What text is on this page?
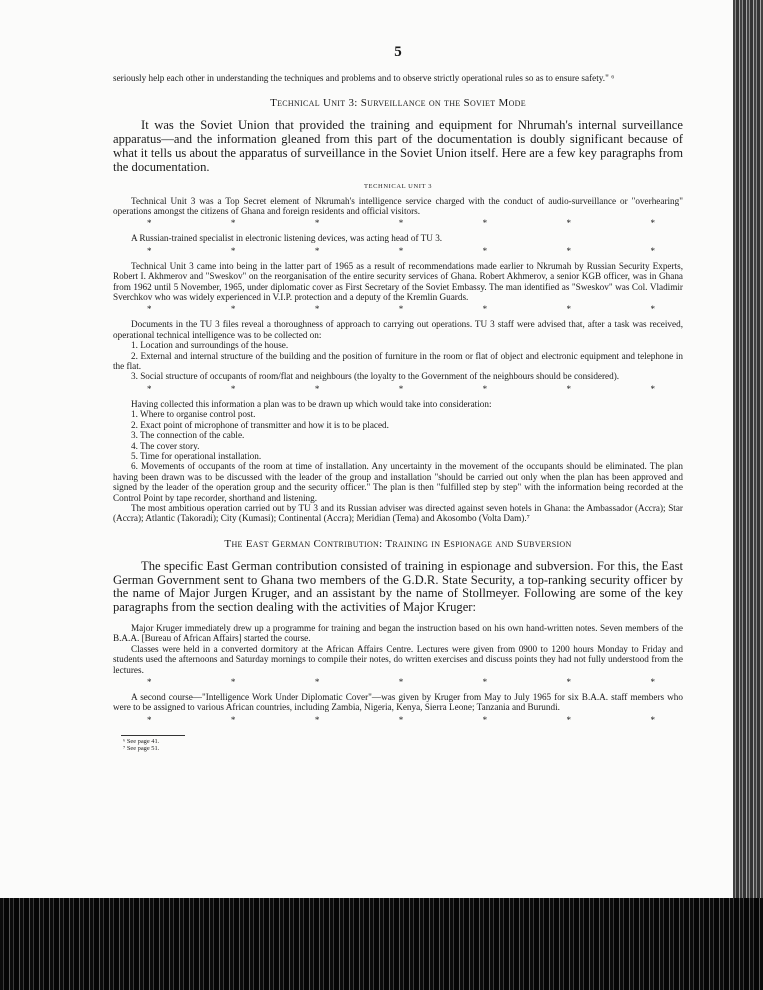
5

seriously help each other in understanding the techniques and problems and to observe strictly operational rules so as to ensure safety." ⁶

Technical Unit 3: Surveillance on the Soviet Mode

It was the Soviet Union that provided the training and equipment for Nhrumah's internal surveillance apparatus—and the information gleaned from this part of the documentation is doubly significant because of what it tells us about the apparatus of surveillance in the Soviet Union itself. Here are a few key paragraphs from the documentation.

TECHNICAL UNIT 3

Technical Unit 3 was a Top Secret element of Nkrumah's intelligence service charged with the conduct of audio-surveillance or "overhearing" operations amongst the citizens of Ghana and foreign residents and official visitors.

*	*	*	*	*	*	*

A Russian-trained specialist in electronic listening devices, was acting head of TU 3.

*	*	*	*	*	*	*

Technical Unit 3 came into being in the latter part of 1965 as a result of recommendations made earlier to Nkrumah by Russian Security Experts, Robert I. Akhmerov and "Sweskov" on the reorganisation of the entire security services of Ghana. Robert Akhmerov, a senior KGB officer, was in Ghana from 1962 until 5 November, 1965, under diplomatic cover as First Secretary of the Soviet Embassy. The man identified as "Sweskov" was Col. Vladimir Sverchkov who was widely experienced in V.I.P. protection and a deputy of the Kremlin Guards.

*	*	*	*	*	*	*

Documents in the TU 3 files reveal a thoroughness of approach to carrying out operations. TU 3 staff were advised that, after a task was received, operational technical intelligence was to be collected on:

1. Location and surroundings of the house.

2. External and internal structure of the building and the position of furniture in the room or flat of object and electronic equipment and telephone in the flat.

3. Social structure of occupants of room/flat and neighbours (the loyalty to the Government of the neighbours should be considered).

*	*	*	*	*	*	*

Having collected this information a plan was to be drawn up which would take into consideration:

1. Where to organise control post.

2. Exact point of microphone of transmitter and how it is to be placed.

3. The connection of the cable.

4. The cover story.

5. Time for operational installation.

6. Movements of occupants of the room at time of installation. Any uncertainty in the movement of the occupants should be eliminated. The plan having been drawn was to be discussed with the leader of the group and installation "should be carried out only when the plan has been approved and signed by the leader of the operation group and the security officer." The plan is then "fulfilled step by step" with the information being recorded at the Control Point by tape recorder, shorthand and listening.

The most ambitious operation carried out by TU 3 and its Russian adviser was directed against seven hotels in Ghana: the Ambassador (Accra); Star (Accra); Atlantic (Takoradi); City (Kumasi); Continental (Accra); Meridian (Tema) and Akosombo (Volta Dam).⁷

The East German Contribution: Training in Espionage and Subversion

The specific East German contribution consisted of training in espionage and subversion. For this, the East German Government sent to Ghana two members of the G.D.R. State Security, a top-ranking security officer by the name of Major Jurgen Kruger, and an assistant by the name of Stollmeyer. Following are some of the key paragraphs from the section dealing with the activities of Major Kruger:

Major Kruger immediately drew up a programme for training and began the instruction based on his own hand-written notes. Seven members of the B.A.A. [Bureau of African Affairs] started the course.

Classes were held in a converted dormitory at the African Affairs Centre. Lectures were given from 0900 to 1200 hours Monday to Friday and students used the afternoons and Saturday mornings to compile their notes, do written exercises and discuss points they had not fully understood from the lectures.

*	*	*	*	*	*	*

A second course—"Intelligence Work Under Diplomatic Cover"—was given by Kruger from May to July 1965 for six B.A.A. staff members who were to be assigned to various African countries, including Zambia, Nigeria, Kenya, Sierra Leone; Tanzania and Burundi.

*	*	*	*	*	*	*

⁶ See page 41.

⁷ See page 51.
